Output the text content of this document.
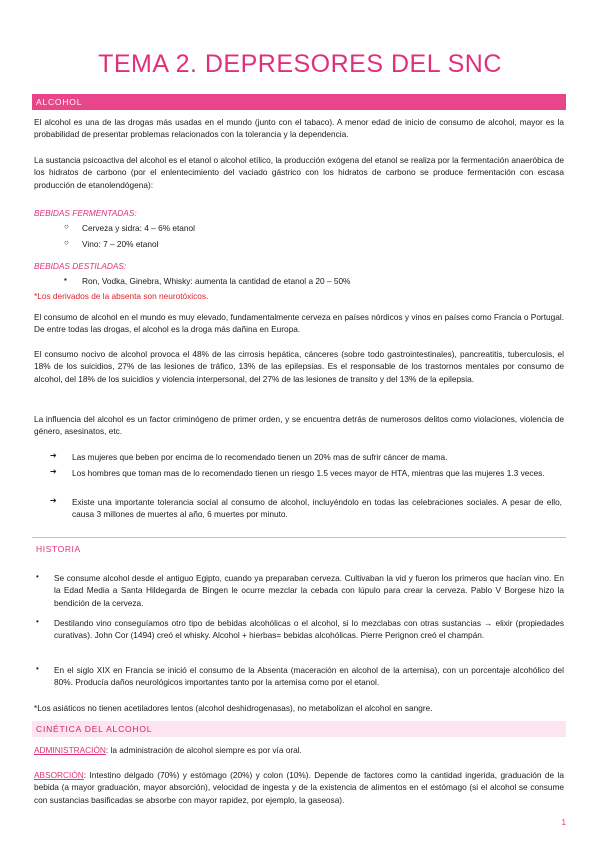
TEMA 2. DEPRESORES DEL SNC
ALCOHOL

El alcohol es una de las drogas más usadas en el mundo (junto con el tabaco). A menor edad de inicio de consumo de alcohol, mayor es la probabilidad de presentar problemas relacionados con la tolerancia y la dependencia.

La sustancia psicoactiva del alcohol es el etanol o alcohol etílico, la producción exógena del etanol se realiza por la fermentación anaeróbica de los hidratos de carbono (por el enlentecimiento del vaciado gástrico con los hidratos de carbono se produce fermentación con escasa producción de etanolendógena):

BEBIDAS FERMENTADAS:
○ Cerveza y sidra: 4 – 6% etanol
○ Vino: 7 – 20% etanol
BEBIDAS DESTILADAS:
▪ Ron, Vodka, Ginebra, Whisky: aumenta la cantidad de etanol a 20 – 50%
*Los derivados de la absenta son neurotóxicos.

El consumo de alcohol en el mundo es muy elevado, fundamentalmente cerveza en países nórdicos y vinos en países como Francia o Portugal. De entre todas las drogas, el alcohol es la droga más dañina en Europa.

El consumo nocivo de alcohol provoca el 48% de las cirrosis hepática, cánceres (sobre todo gastrointestinales), pancreatitis, tuberculosis, el 18% de los suicidios, 27% de las lesiones de tráfico, 13% de las epilepsias. Es el responsable de los trastornos mentales por consumo de alcohol, del 18% de los suicidios y violencia interpersonal, del 27% de las lesiones de transito y del 13% de la epilepsia.

La influencia del alcohol es un factor criminógeno de primer orden, y se encuentra detrás de numerosos delitos como violaciones, violencia de género, asesinatos, etc.

➔ Las mujeres que beben por encima de lo recomendado tienen un 20% mas de sufrir cáncer de mama.

➔ Los hombres que toman mas de lo recomendado tienen un riesgo 1.5 veces mayor de HTA, mientras que las mujeres 1.3 veces.

➔ Existe una importante tolerancia social al consumo de alcohol, incluyéndolo en todas las celebraciones sociales. A pesar de ello, causa 3 millones de muertes al año, 6 muertes por minuto.

HISTORIA
• Se consume alcohol desde el antiguo Egipto, cuando ya preparaban cerveza. Cultivaban la vid y fueron los primeros que hacían vino. En la Edad Media a Santa Hildegarda de Bingen le ocurre mezclar la cebada con lúpulo para crear la cerveza. Pablo V Borgese hizo la bendición de la cerveza.

• Destilando vino conseguíamos otro tipo de bebidas alcohólicas o el alcohol, si lo mezclabas con otras sustancias → elixir (propiedades curativas). John Cor (1494) creó el whisky. Alcohol + hierbas= bebidas alcohólicas. Pierre Perignon creó el champán.

• En el siglo XIX en Francia se inició el consumo de la Absenta (maceración en alcohol de la artemisa), con un porcentaje alcohólico del 80%. Producía daños neurológicos importantes tanto por la artemisa como por el etanol.

*Los asiáticos no tienen acetiladores lentos (alcohol deshidrogenasas), no metabolizan el alcohol en sangre.
CINÉTICA DEL ALCOHOL

ADMINISTRACIÓN: la administración de alcohol siempre es por vía oral.

ABSORCIÓN: Intestino delgado (70%) y estómago (20%) y colon (10%). Depende de factores como la cantidad ingerida, graduación de la bebida (a mayor graduación, mayor absorción), velocidad de ingesta y de la existencia de alimentos en el estómago (si el alcohol se consume con sustancias basificadas se absorbe con mayor rapidez, por ejemplo, la gaseosa).

1
